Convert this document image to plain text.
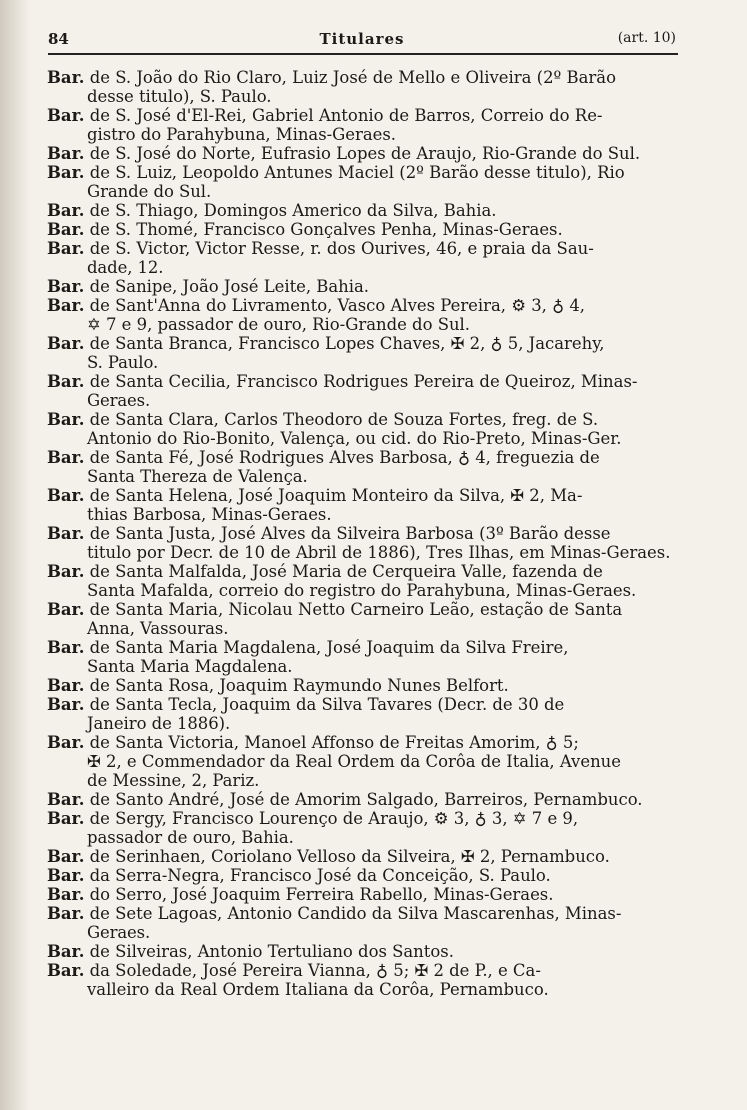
84	Titulares	(art. 10)
Bar. de S. João do Rio Claro, Luiz José de Mello e Oliveira (2º Barão
desse titulo), S. Paulo.
Bar. de S. José d'El-Rei, Gabriel Antonio de Barros, Correio do Re-
gistro do Parahybuna, Minas-Geraes.
Bar. de S. José do Norte, Eufrasio Lopes de Araujo, Rio-Grande do Sul.
Bar. de S. Luiz, Leopoldo Antunes Maciel (2º Barão desse titulo), Rio
Grande do Sul.
Bar. de S. Thiago, Domingos Americo da Silva, Bahia.
Bar. de S. Thomé, Francisco Gonçalves Penha, Minas-Geraes.
Bar. de S. Victor, Victor Resse, r. dos Ourives, 46, e praia da Sau-
dade, 12.
Bar. de Sanipe, João José Leite, Bahia.
Bar. de Sant'Anna do Livramento, Vasco Alves Pereira, ⚙ 3, ♁ 4,
✡ 7 e 9, passador de ouro, Rio-Grande do Sul.
Bar. de Santa Branca, Francisco Lopes Chaves, ✠ 2, ♁ 5, Jacarehy,
S. Paulo.
Bar. de Santa Cecilia, Francisco Rodrigues Pereira de Queiroz, Minas-
Geraes.
Bar. de Santa Clara, Carlos Theodoro de Souza Fortes, freg. de S.
Antonio do Rio-Bonito, Valença, ou cid. do Rio-Preto, Minas-Ger.
Bar. de Santa Fé, José Rodrigues Alves Barbosa, ♁ 4, freguezia de
Santa Thereza de Valença.
Bar. de Santa Helena, José Joaquim Monteiro da Silva, ✠ 2, Ma-
thias Barbosa, Minas-Geraes.
Bar. de Santa Justa, José Alves da Silveira Barbosa (3º Barão desse
titulo por Decr. de 10 de Abril de 1886), Tres Ilhas, em Minas-Geraes.
Bar. de Santa Malfalda, José Maria de Cerqueira Valle, fazenda de
Santa Mafalda, correio do registro do Parahybuna, Minas-Geraes.
Bar. de Santa Maria, Nicolau Netto Carneiro Leão, estação de Santa
Anna, Vassouras.
Bar. de Santa Maria Magdalena, José Joaquim da Silva Freire,
Santa Maria Magdalena.
Bar. de Santa Rosa, Joaquim Raymundo Nunes Belfort.
Bar. de Santa Tecla, Joaquim da Silva Tavares (Decr. de 30 de
Janeiro de 1886).
Bar. de Santa Victoria, Manoel Affonso de Freitas Amorim, ♁ 5;
✠ 2, e Commendador da Real Ordem da Corôa de Italia, Avenue
de Messine, 2, Pariz.
Bar. de Santo André, José de Amorim Salgado, Barreiros, Pernambuco.
Bar. de Sergy, Francisco Lourenço de Araujo, ⚙ 3, ♁ 3, ✡ 7 e 9,
passador de ouro, Bahia.
Bar. de Serinhaen, Coriolano Velloso da Silveira, ✠ 2, Pernambuco.
Bar. da Serra-Negra, Francisco José da Conceição, S. Paulo.
Bar. do Serro, José Joaquim Ferreira Rabello, Minas-Geraes.
Bar. de Sete Lagoas, Antonio Candido da Silva Mascarenhas, Minas-
Geraes.
Bar. de Silveiras, Antonio Tertuliano dos Santos.
Bar. da Soledade, José Pereira Vianna, ♁ 5; ✠ 2 de P., e Ca-
valleiro da Real Ordem Italiana da Corôa, Pernambuco.
